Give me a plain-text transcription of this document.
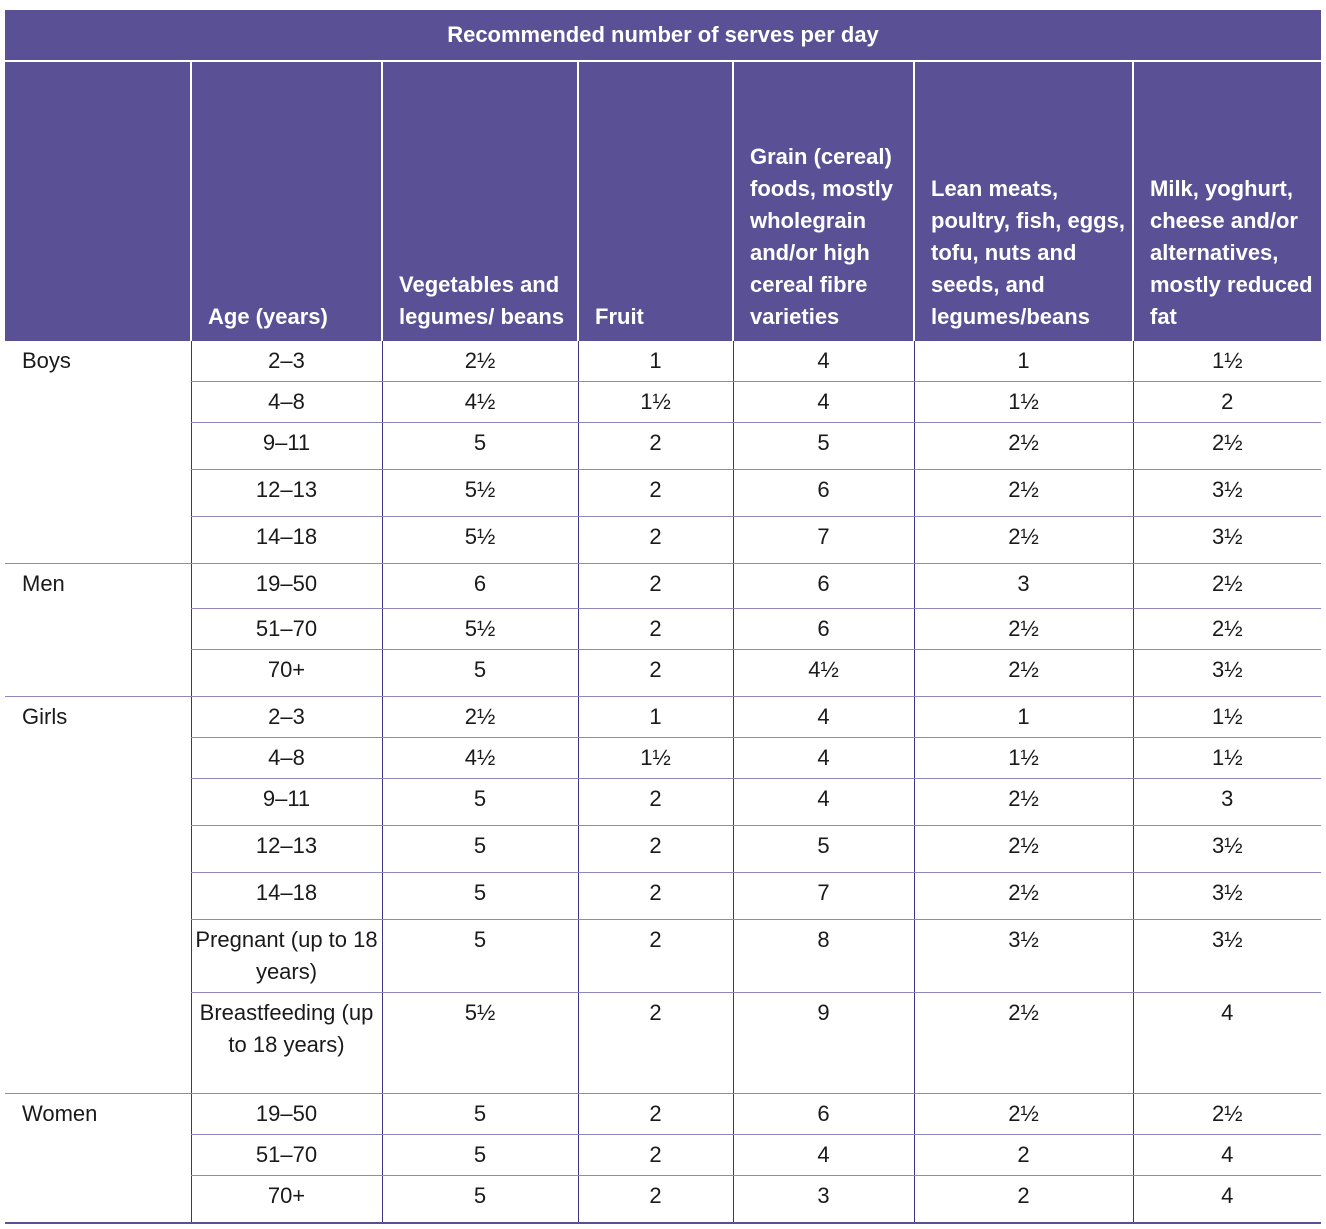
Recommended number of serves per day						
	Age (years)	Vegetables and legumes/ beans	Fruit	Grain (cereal) foods, mostly wholegrain and/or high cereal fibre varieties	Lean meats, poultry, fish, eggs, tofu, nuts and seeds, and legumes/beans	Milk, yoghurt, cheese and/or alternatives, mostly reduced fat
Boys	2–3	2½	1	4	1	1½
	4–8	4½	1½	4	1½	2
	9–11	5	2	5	2½	2½
	12–13	5½	2	6	2½	3½
	14–18	5½	2	7	2½	3½
Men	19–50	6	2	6	3	2½
	51–70	5½	2	6	2½	2½
	70+	5	2	4½	2½	3½
Girls	2–3	2½	1	4	1	1½
	4–8	4½	1½	4	1½	1½
	9–11	5	2	4	2½	3
	12–13	5	2	5	2½	3½
	14–18	5	2	7	2½	3½
	Pregnant (up to 18 years)	5	2	8	3½	3½
	Breastfeeding (up to 18 years)	5½	2	9	2½	4
Women	19–50	5	2	6	2½	2½
	51–70	5	2	4	2	4
	70+	5	2	3	2	4
